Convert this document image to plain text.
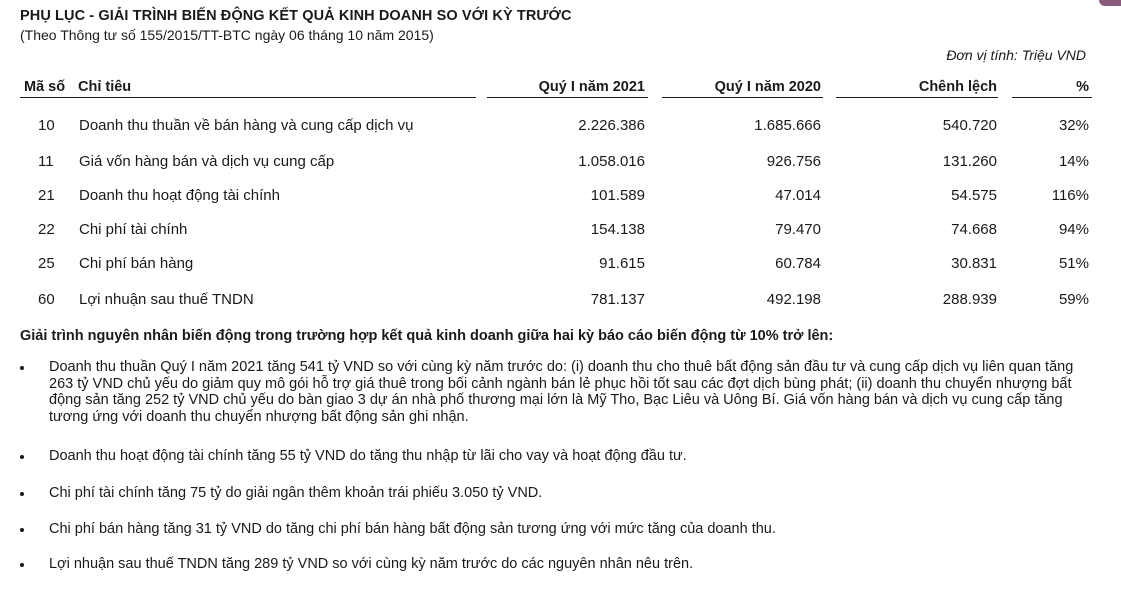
PHỤ LỤC - GIẢI TRÌNH BIẾN ĐỘNG KẾT QUẢ KINH DOANH SO VỚI KỲ TRƯỚC
(Theo Thông tư số 155/2015/TT-BTC ngày 06 tháng 10 năm 2015)
Đơn vị tính: Triệu VND
Mã số Chỉ tiêu	Quý I năm 2021	Quý I năm 2020	Chênh lệch	%
10 Doanh thu thuần về bán hàng và cung cấp dịch vụ	2.226.386	1.685.666	540.720	32%
11 Giá vốn hàng bán và dịch vụ cung cấp	1.058.016	926.756	131.260	14%
21 Doanh thu hoạt động tài chính	101.589	47.014	54.575	116%
22 Chi phí tài chính	154.138	79.470	74.668	94%
25 Chi phí bán hàng	91.615	60.784	30.831	51%
60 Lợi nhuận sau thuế TNDN	781.137	492.198	288.939	59%
Giải trình nguyên nhân biến động trong trường hợp kết quả kinh doanh giữa hai kỳ báo cáo biến động từ 10% trở lên:
Doanh thu thuần Quý I năm 2021 tăng 541 tỷ VND so với cùng kỳ năm trước do: (i) doanh thu cho thuê bất động sản đầu tư và cung cấp dịch vụ liên quan tăng 263 tỷ VND chủ yếu do giảm quy mô gói hỗ trợ giá thuê trong bối cảnh ngành bán lẻ phục hồi tốt sau các đợt dịch bùng phát; (ii) doanh thu chuyển nhượng bất động sản tăng 252 tỷ VND chủ yếu do bàn giao 3 dự án nhà phố thương mại lớn là Mỹ Tho, Bạc Liêu và Uông Bí. Giá vốn hàng bán và dịch vụ cung cấp tăng tương ứng với doanh thu chuyển nhượng bất động sản ghi nhận.
Doanh thu hoạt động tài chính tăng 55 tỷ VND do tăng thu nhập từ lãi cho vay và hoạt động đầu tư.
Chi phí tài chính tăng 75 tỷ do giải ngân thêm khoản trái phiếu 3.050 tỷ VND.
Chi phí bán hàng tăng 31 tỷ VND do tăng chi phí bán hàng bất động sản tương ứng với mức tăng của doanh thu.
Lợi nhuận sau thuế TNDN tăng 289 tỷ VND so với cùng kỳ năm trước do các nguyên nhân nêu trên.
